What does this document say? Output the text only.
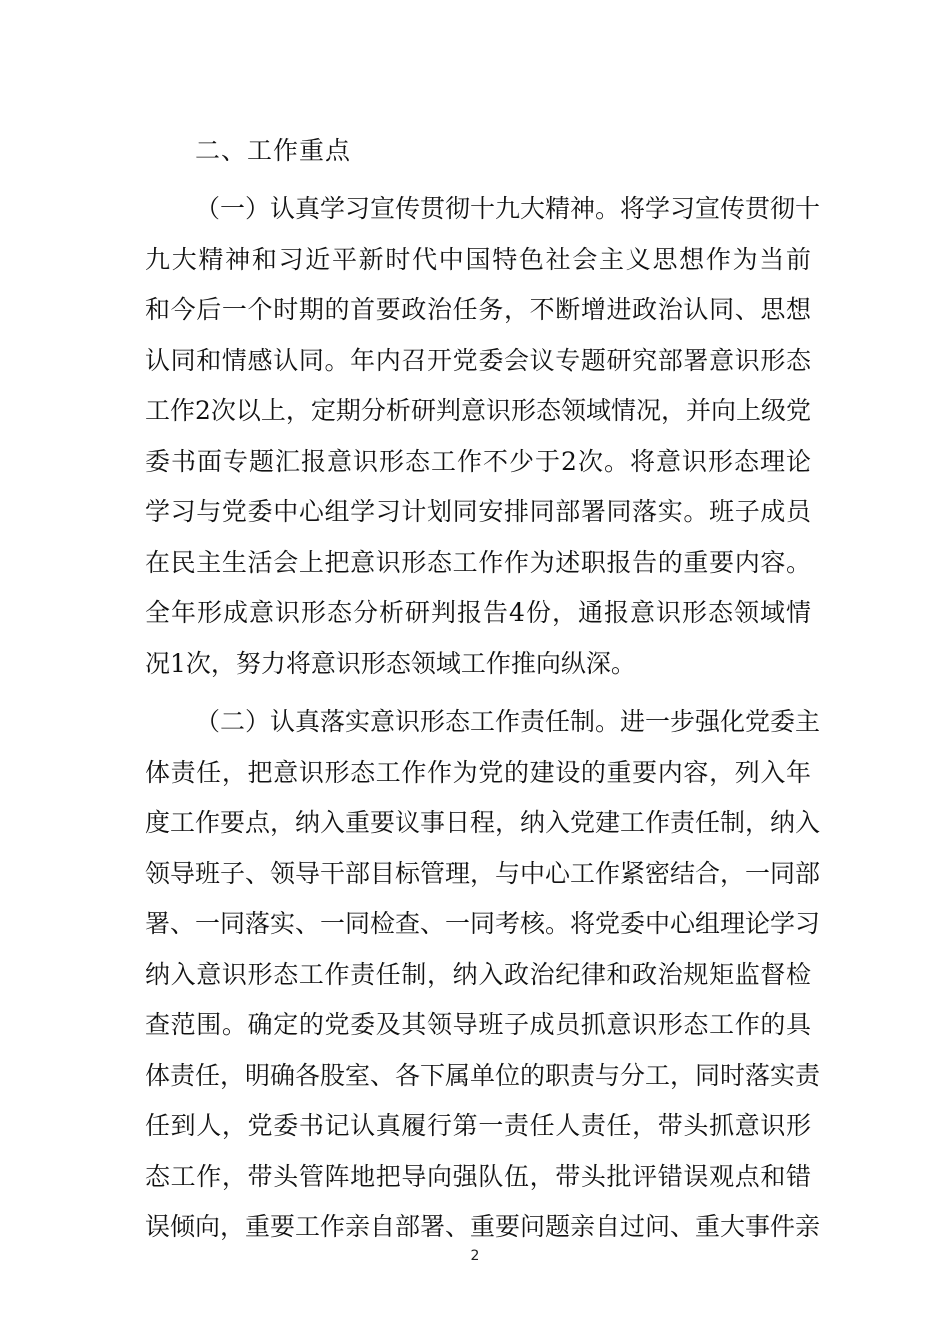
二、工作重点
（一）认真学习宣传贯彻十九大精神。将学习宣传贯彻十
九大精神和习近平新时代中国特色社会主义思想作为当前
和今后一个时期的首要政治任务，不断增进政治认同、思想
认同和情感认同。年内召开党委会议专题研究部署意识形态
工作2次以上，定期分析研判意识形态领域情况，并向上级党
委书面专题汇报意识形态工作不少于2次。将意识形态理论
学习与党委中心组学习计划同安排同部署同落实。班子成员
在民主生活会上把意识形态工作作为述职报告的重要内容。
全年形成意识形态分析研判报告4份，通报意识形态领域情
况1次，努力将意识形态领域工作推向纵深。
（二）认真落实意识形态工作责任制。进一步强化党委主
体责任，把意识形态工作作为党的建设的重要内容，列入年
度工作要点，纳入重要议事日程，纳入党建工作责任制，纳入
领导班子、领导干部目标管理，与中心工作紧密结合，一同部
署、一同落实、一同检查、一同考核。将党委中心组理论学习
纳入意识形态工作责任制，纳入政治纪律和政治规矩监督检
查范围。确定的党委及其领导班子成员抓意识形态工作的具
体责任，明确各股室、各下属单位的职责与分工，同时落实责
任到人，党委书记认真履行第一责任人责任，带头抓意识形
态工作，带头管阵地把导向强队伍，带头批评错误观点和错
误倾向，重要工作亲自部署、重要问题亲自过问、重大事件亲
2
